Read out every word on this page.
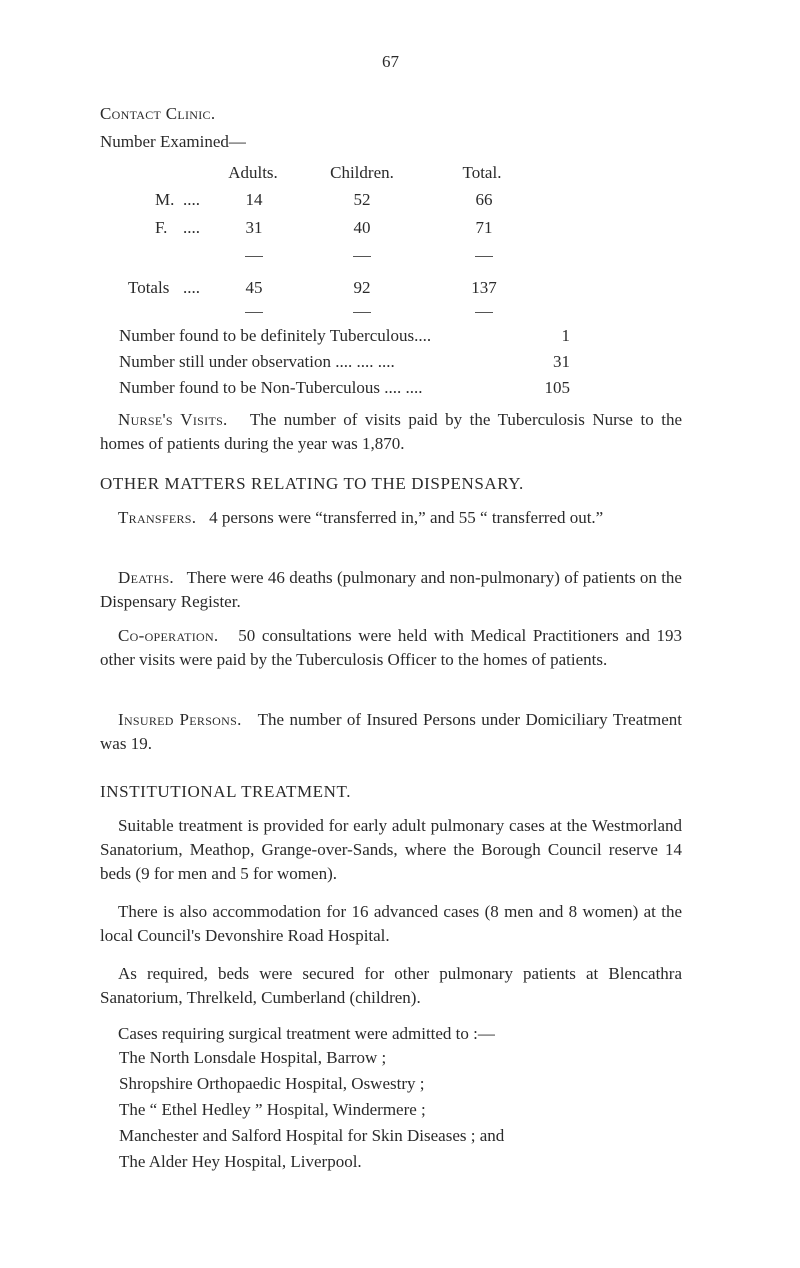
67
Contact Clinic.
Number Examined—
Adults.	Children.	Total.
M. ....	14	52	66
F. ....	31	40	71
Totals ....	45	92	137
Number found to be definitely Tuberculous....	1
Number still under observation .... .... ....	31
Number found to be Non-Tuberculous .... ....	105
Nurse's Visits. The number of visits paid by the Tuberculosis Nurse to the homes of patients during the year was 1,870.
OTHER MATTERS RELATING TO THE DISPENSARY.
Transfers. 4 persons were “transferred in,” and 55 “ transferred out.”
Deaths. There were 46 deaths (pulmonary and non-pulmonary) of patients on the Dispensary Register.
Co-operation. 50 consultations were held with Medical Practitioners and 193 other visits were paid by the Tuberculosis Officer to the homes of patients.
Insured Persons. The number of Insured Persons under Domiciliary Treatment was 19.
INSTITUTIONAL TREATMENT.
Suitable treatment is provided for early adult pulmonary cases at the Westmorland Sanatorium, Meathop, Grange-over-Sands, where the Borough Council reserve 14 beds (9 for men and 5 for women).
There is also accommodation for 16 advanced cases (8 men and 8 women) at the local Council's Devonshire Road Hospital.
As required, beds were secured for other pulmonary patients at Blencathra Sanatorium, Threlkeld, Cumberland (children).
Cases requiring surgical treatment were admitted to :—
The North Lonsdale Hospital, Barrow ;
Shropshire Orthopaedic Hospital, Oswestry ;
The “ Ethel Hedley ” Hospital, Windermere ;
Manchester and Salford Hospital for Skin Diseases ; and
The Alder Hey Hospital, Liverpool.
